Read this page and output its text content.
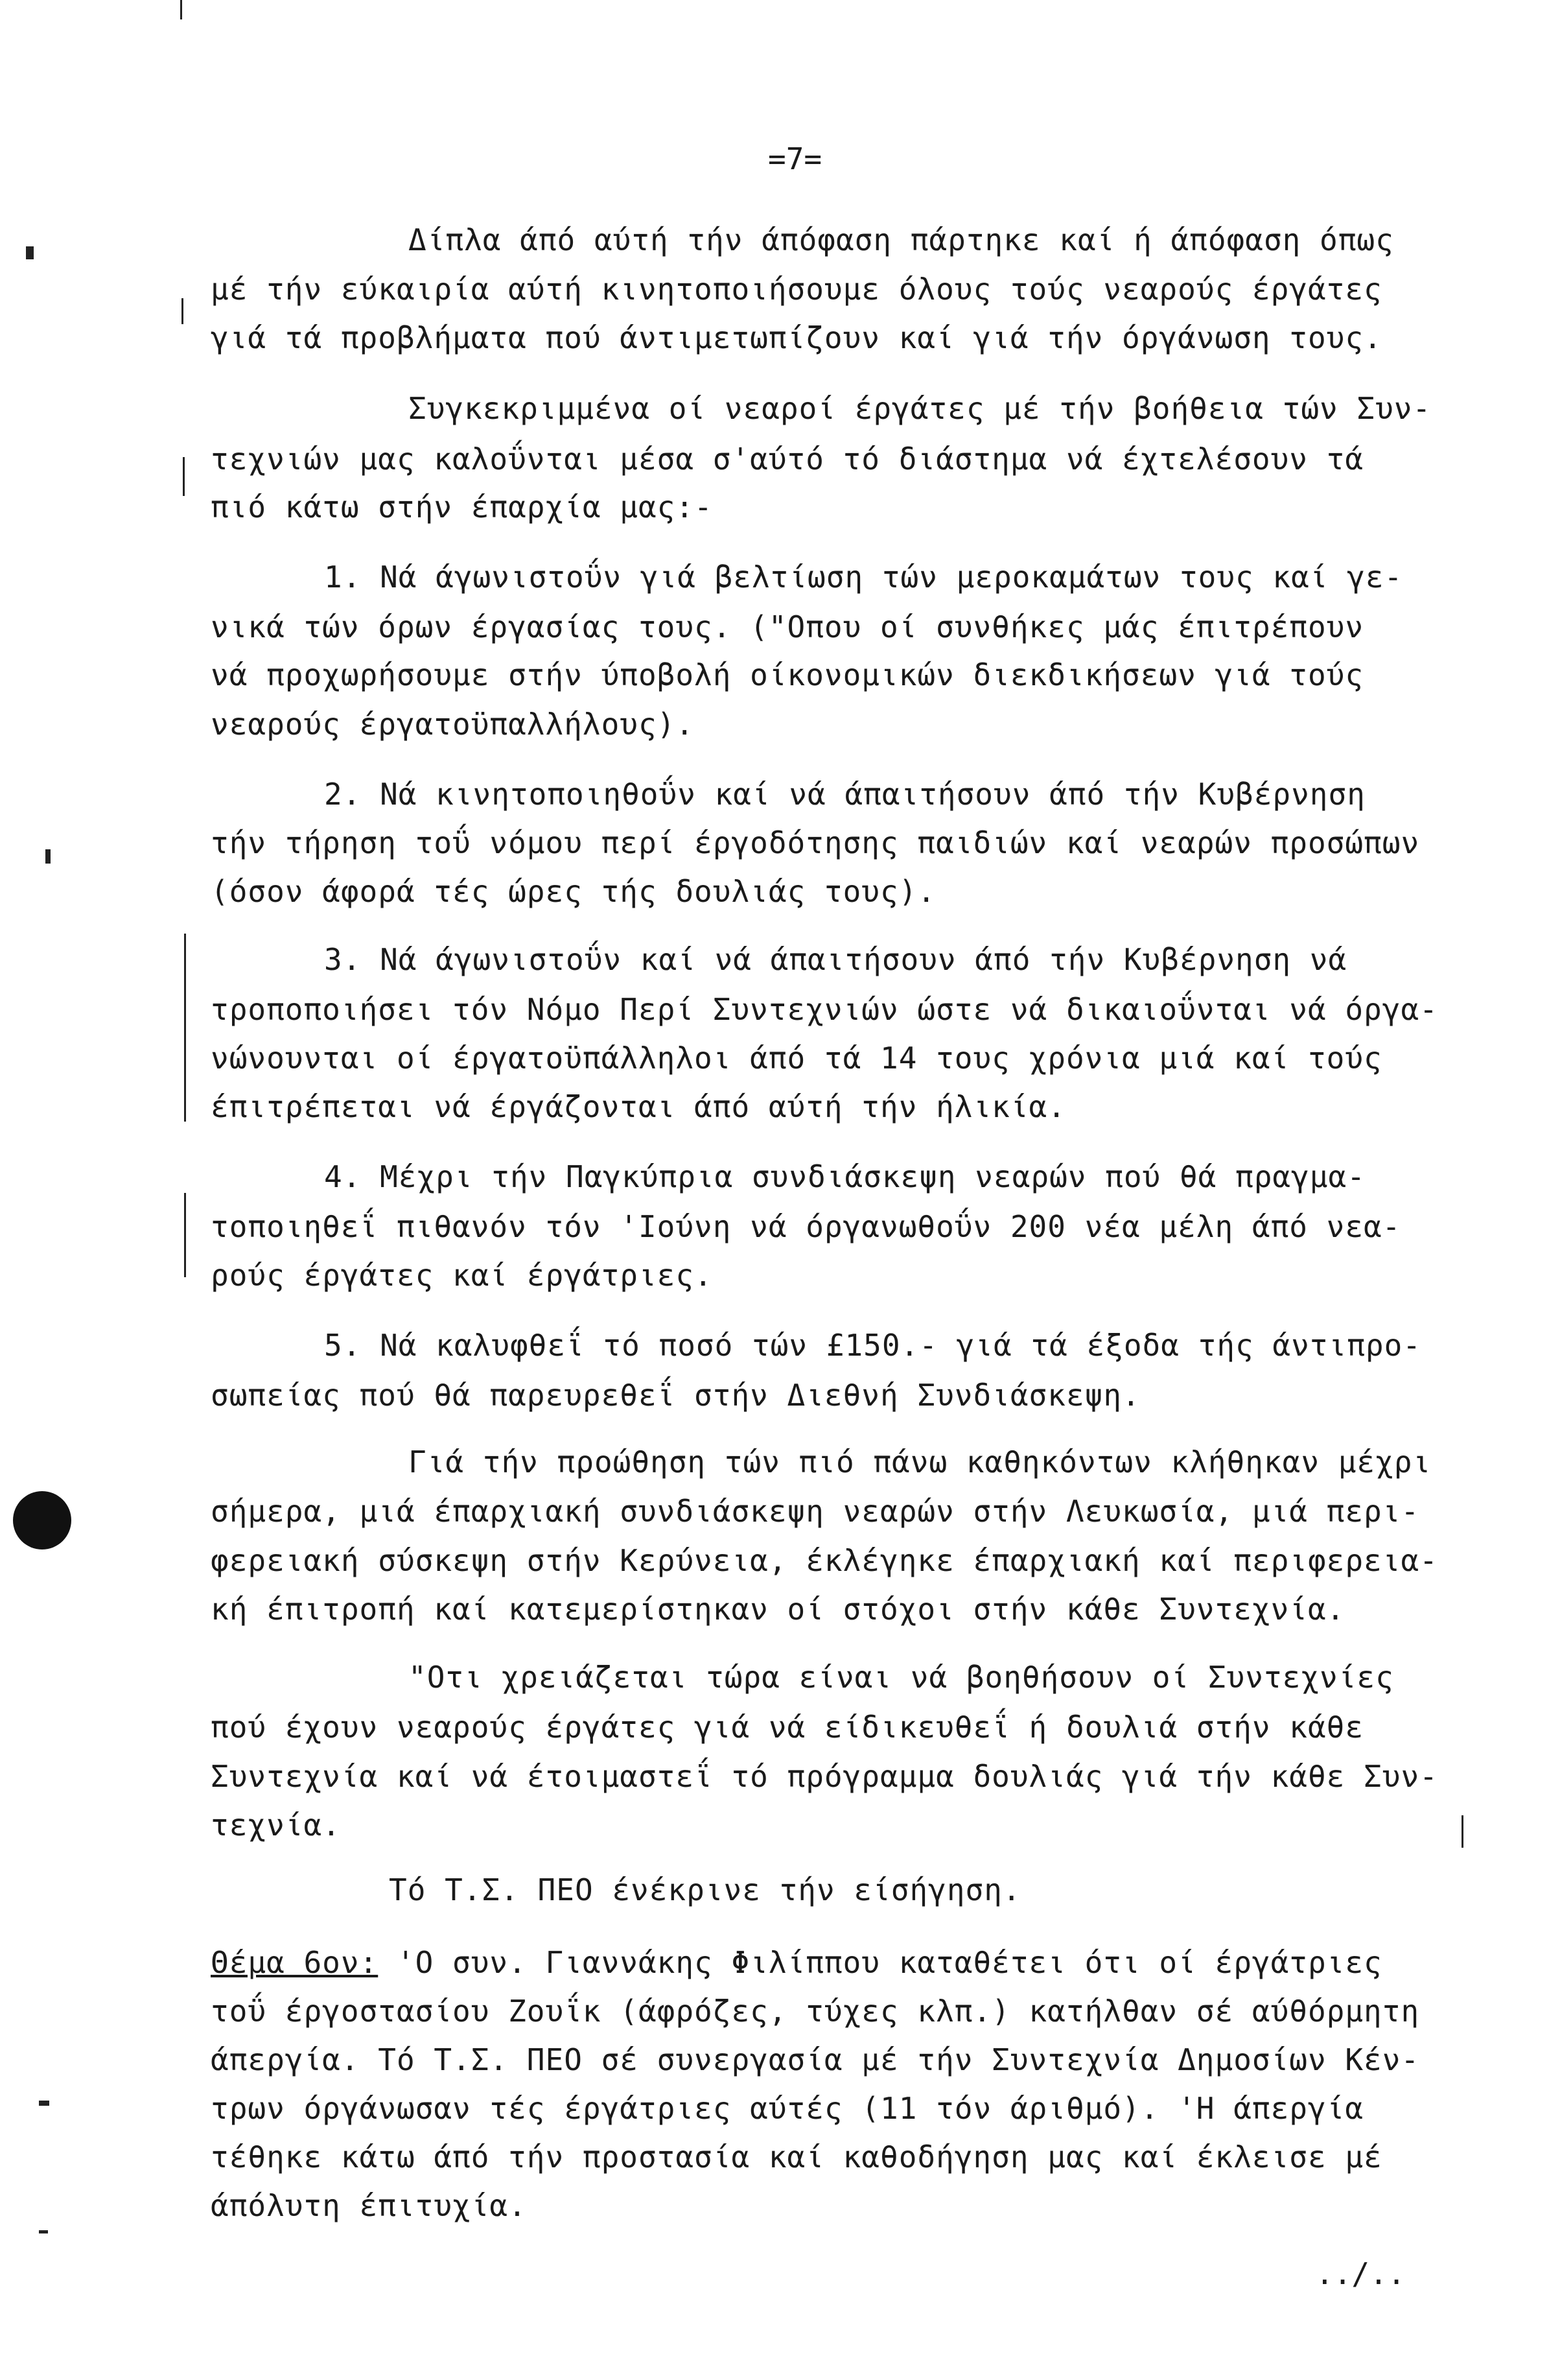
=7=
Δίπλα άπό αύτή τήν άπόφαση πάρτηκε καί ή άπόφαση όπως
μέ τήν εύκαιρία αύτή κινητοποιήσουμε όλους τούς νεαρούς έργάτες
γιά τά προβλήματα πού άντιμετωπίζουν καί γιά τήν όργάνωση τους.
Συγκεκριμμένα οί νεαροί έργάτες μέ τήν βοήθεια τών Συν-
τεχνιών μας καλοΰνται μέσα σ'αύτό τό διάστημα νά έχτελέσουν τά
πιό κάτω στήν έπαρχία μας:-
1. Νά άγωνιστοΰν γιά βελτίωση τών μεροκαμάτων τους καί γε-
νικά τών όρων έργασίας τους. ("Οπου οί συνθήκες μάς έπιτρέπουν
νά προχωρήσουμε στήν ύποβολή οίκονομικών διεκδικήσεων γιά τούς
νεαρούς έργατοϋπαλλήλους).
2. Νά κινητοποιηθοΰν καί νά άπαιτήσουν άπό τήν Κυβέρνηση
τήν τήρηση τοΰ νόμου περί έργοδότησης παιδιών καί νεαρών προσώπων
(όσον άφορά τές ώρες τής δουλιάς τους).
3. Νά άγωνιστοΰν καί νά άπαιτήσουν άπό τήν Κυβέρνηση νά
τροποποιήσει τόν Νόμο Περί Συντεχνιών ώστε νά δικαιοΰνται νά όργα-
νώνουνται οί έργατοϋπάλληλοι άπό τά 14 τους χρόνια μιά καί τούς
έπιτρέπεται νά έργάζονται άπό αύτή τήν ήλικία.
4. Μέχρι τήν Παγκύπρια συνδιάσκεψη νεαρών πού θά πραγμα-
τοποιηθεΐ πιθανόν τόν 'Ιούνη νά όργανωθοΰν 200 νέα μέλη άπό νεα-
ρούς έργάτες καί έργάτριες.
5. Νά καλυφθεΐ τό ποσό τών £150.- γιά τά έξοδα τής άντιπρο-
σωπείας πού θά παρευρεθεΐ στήν Διεθνή Συνδιάσκεψη.
Γιά τήν προώθηση τών πιό πάνω καθηκόντων κλήθηκαν μέχρι
σήμερα, μιά έπαρχιακή συνδιάσκεψη νεαρών στήν Λευκωσία, μιά περι-
φερειακή σύσκεψη στήν Κερύνεια, έκλέγηκε έπαρχιακή καί περιφερεια-
κή έπιτροπή καί κατεμερίστηκαν οί στόχοι στήν κάθε Συντεχνία.
"Οτι χρειάζεται τώρα είναι νά βοηθήσουν οί Συντεχνίες
πού έχουν νεαρούς έργάτες γιά νά είδικευθεΐ ή δουλιά στήν κάθε
Συντεχνία καί νά έτοιμαστεΐ τό πρόγραμμα δουλιάς γιά τήν κάθε Συν-
τεχνία.
Τό Τ.Σ. ΠΕΟ ένέκρινε τήν είσήγηση.
Θέμα 6ον: 'Ο συν. Γιαννάκης Φιλίππου καταθέτει ότι οί έργάτριες
τοΰ έργοστασίου Ζουΐκ (άφρόζες, τύχες κλπ.) κατήλθαν σέ αύθόρμητη
άπεργία. Τό Τ.Σ. ΠΕΟ σέ συνεργασία μέ τήν Συντεχνία Δημοσίων Κέν-
τρων όργάνωσαν τές έργάτριες αύτές (11 τόν άριθμό). 'Η άπεργία
τέθηκε κάτω άπό τήν προστασία καί καθοδήγηση μας καί έκλεισε μέ
άπόλυτη έπιτυχία.
../..
